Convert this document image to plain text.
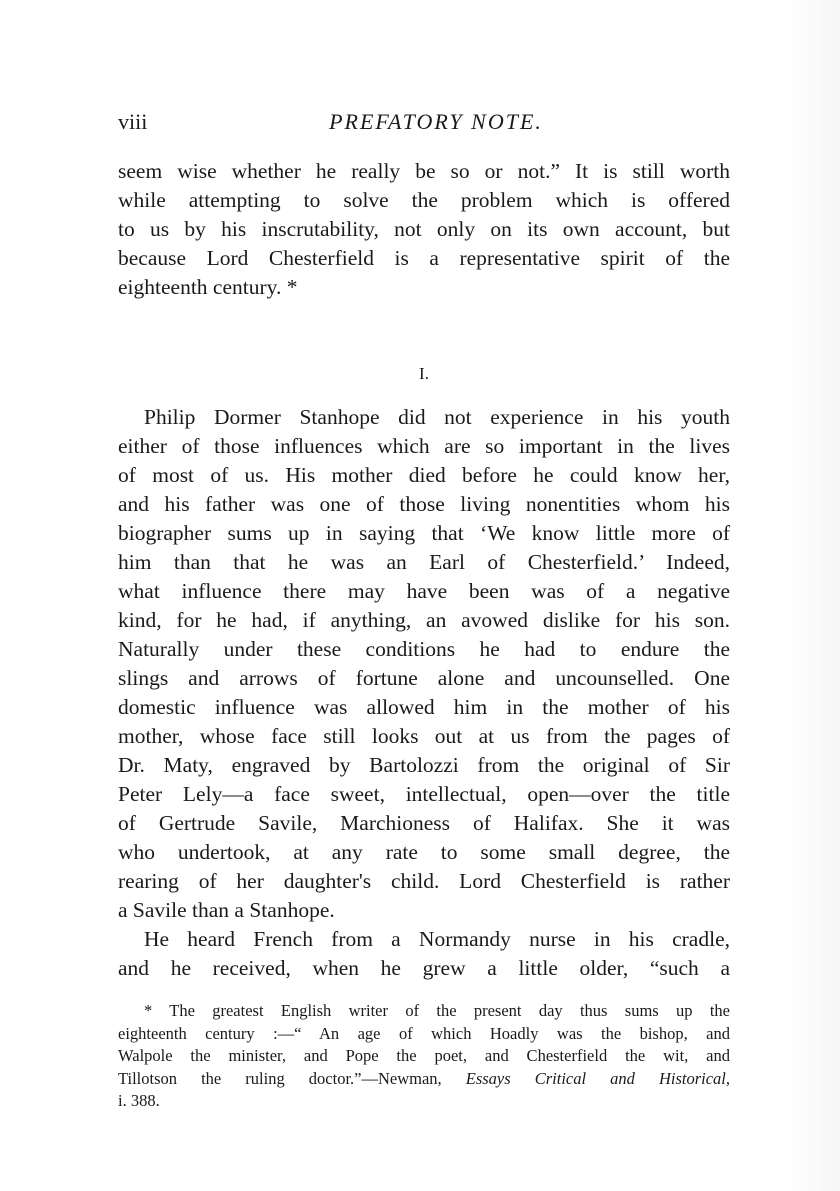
viii	PREFATORY NOTE.
seem wise whether he really be so or not.” It is still worth
while attempting to solve the problem which is offered
to us by his inscrutability, not only on its own account, but
because Lord Chesterfield is a representative spirit of the
eighteenth century. *
I.
Philip Dormer Stanhope did not experience in his youth
either of those influences which are so important in the lives
of most of us. His mother died before he could know her,
and his father was one of those living nonentities whom his
biographer sums up in saying that ‘We know little more of
him than that he was an Earl of Chesterfield.’ Indeed,
what influence there may have been was of a negative
kind, for he had, if anything, an avowed dislike for his son.
Naturally under these conditions he had to endure the
slings and arrows of fortune alone and uncounselled. One
domestic influence was allowed him in the mother of his
mother, whose face still looks out at us from the pages of
Dr. Maty, engraved by Bartolozzi from the original of Sir
Peter Lely—a face sweet, intellectual, open—over the title
of Gertrude Savile, Marchioness of Halifax. She it was
who undertook, at any rate to some small degree, the
rearing of her daughter's child. Lord Chesterfield is rather
a Savile than a Stanhope.
He heard French from a Normandy nurse in his cradle,
and he received, when he grew a little older, “such a
* The greatest English writer of the present day thus sums up the
eighteenth century :—“ An age of which Hoadly was the bishop, and
Walpole the minister, and Pope the poet, and Chesterfield the wit, and
Tillotson the ruling doctor.”—Newman, Essays Critical and Historical,
i. 388.
